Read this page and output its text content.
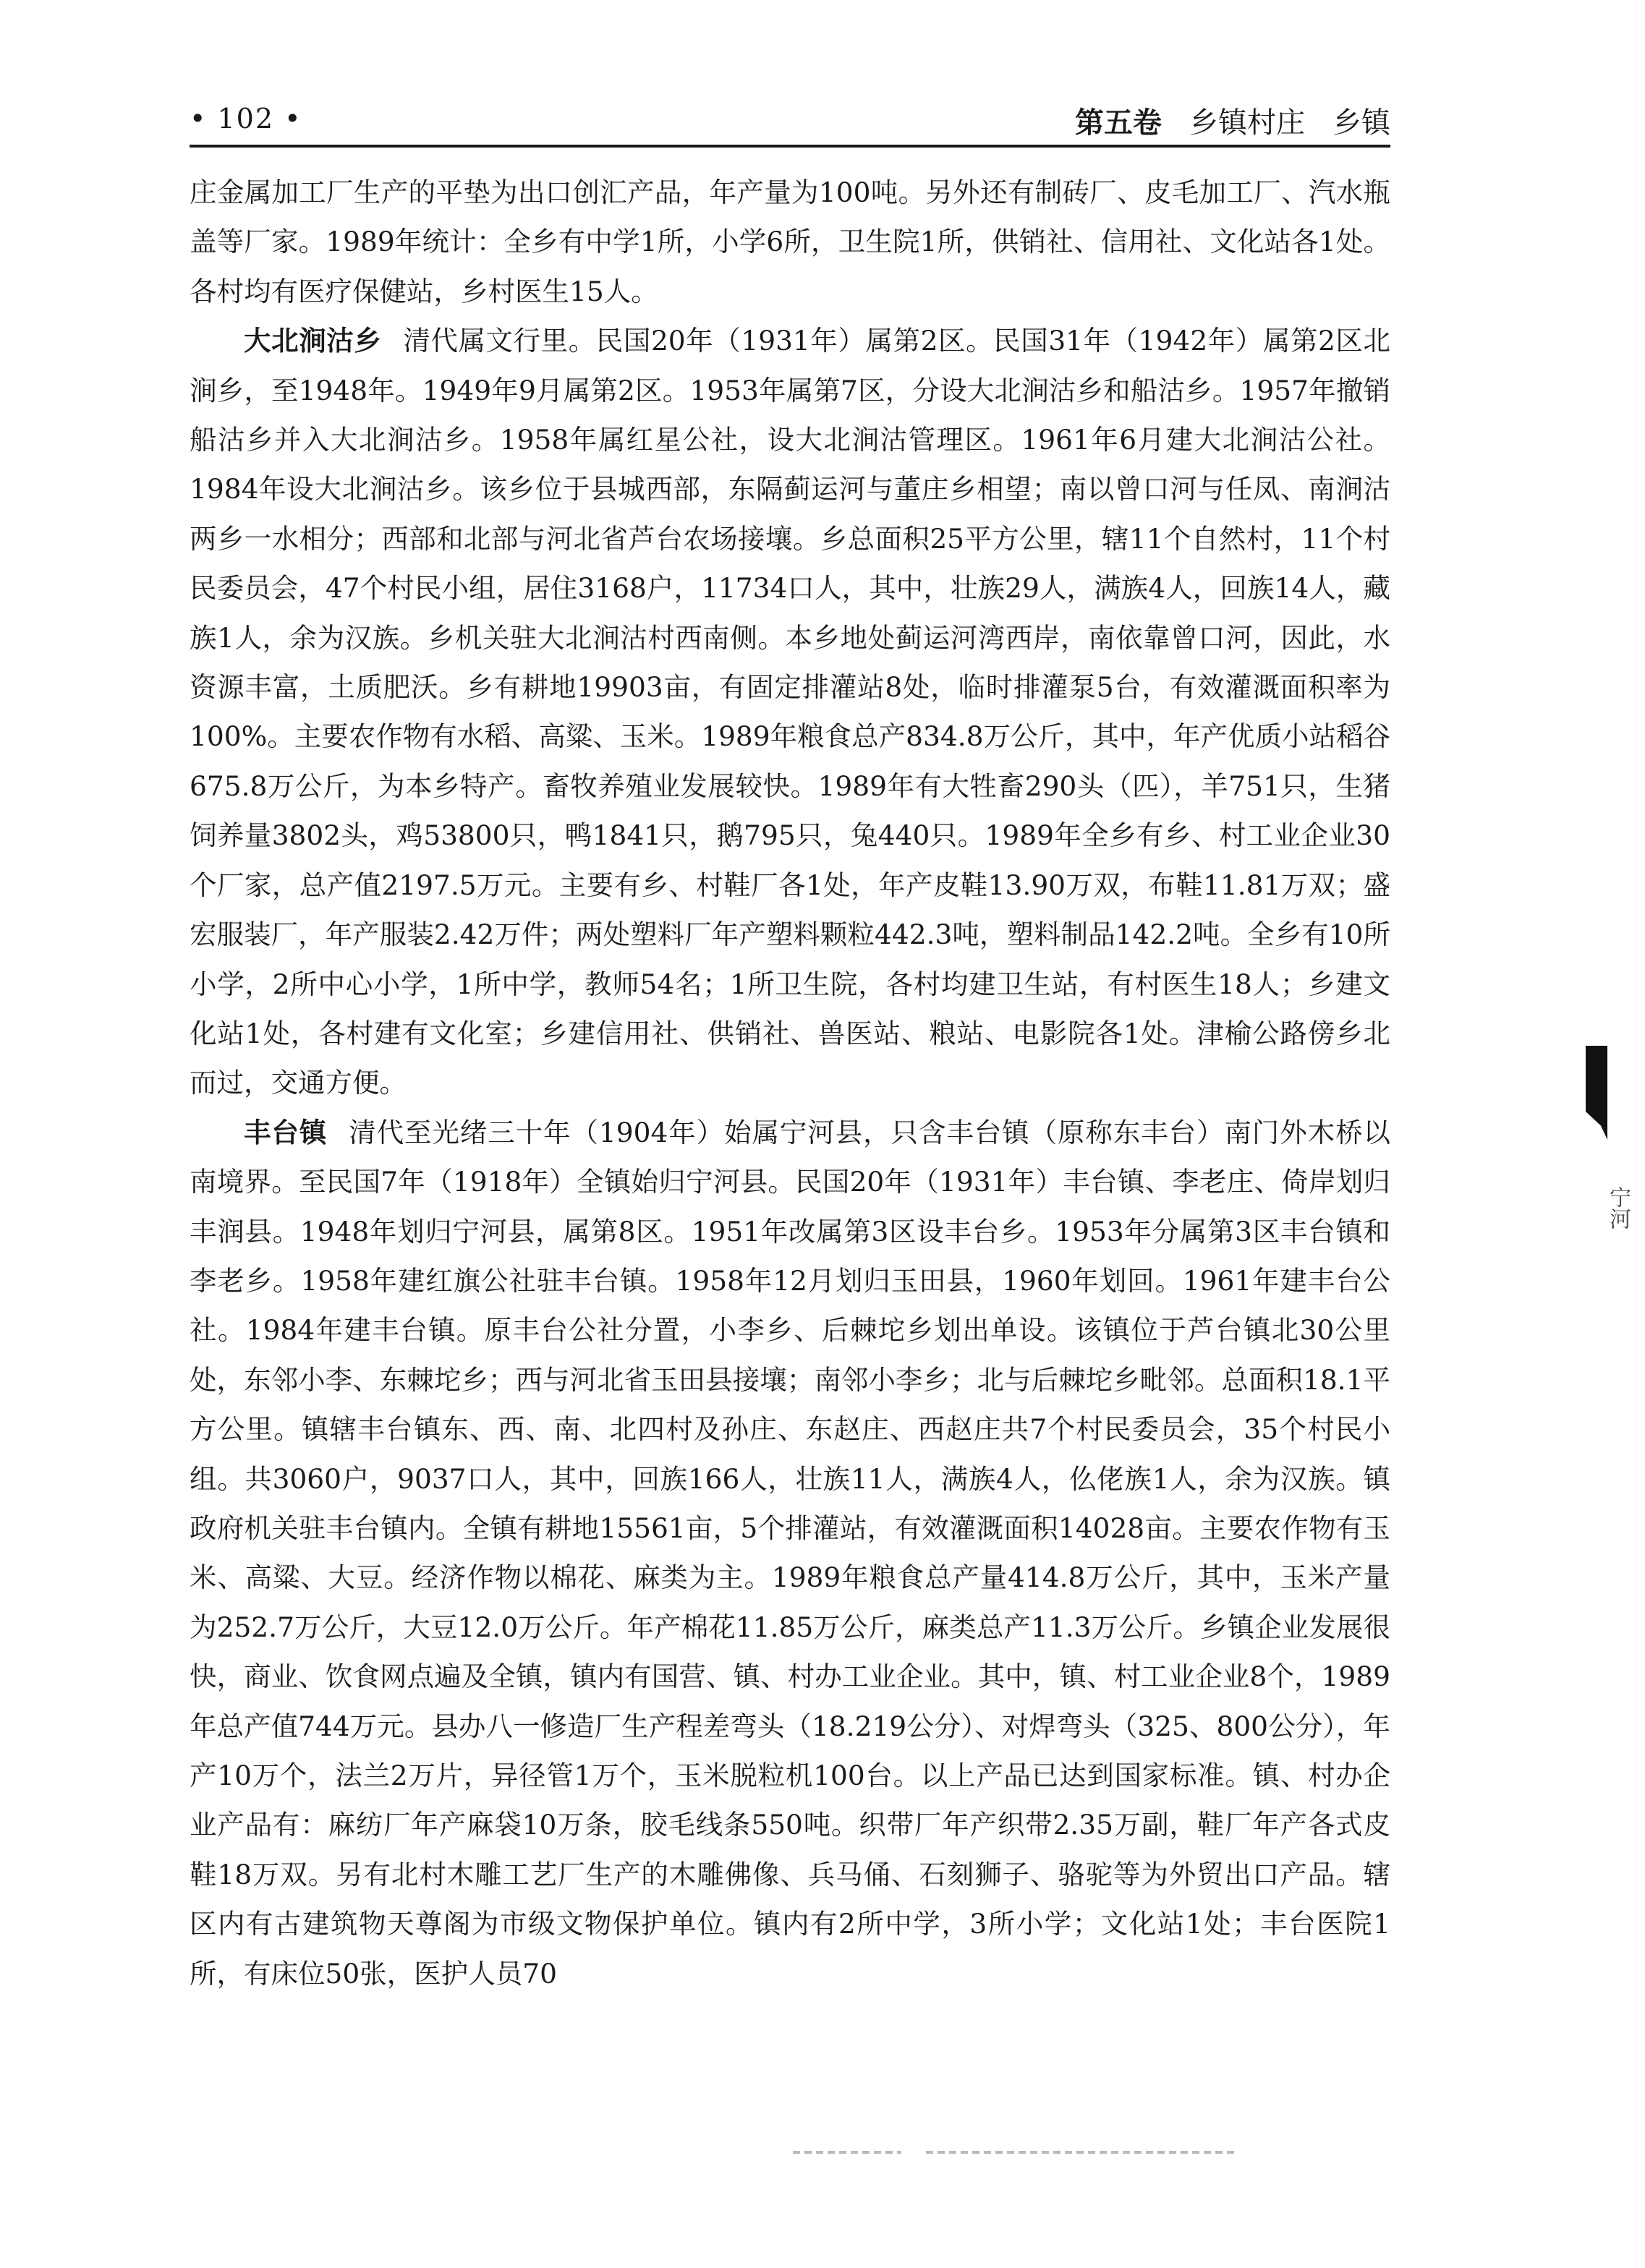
• 102 •	第五卷 乡镇村庄 乡镇

庄金属加工厂生产的平垫为出口创汇产品，年产量为100吨。另外还有制砖厂、皮毛加工厂、汽水瓶盖等厂家。1989年统计：全乡有中学1所，小学6所，卫生院1所，供销社、信用社、文化站各1处。各村均有医疗保健站，乡村医生15人。

大北涧沽乡 清代属文行里。民国20年（1931年）属第2区。民国31年（1942年）属第2区北涧乡，至1948年。1949年9月属第2区。1953年属第7区，分设大北涧沽乡和船沽乡。1957年撤销船沽乡并入大北涧沽乡。1958年属红星公社，设大北涧沽管理区。1961年6月建大北涧沽公社。1984年设大北涧沽乡。该乡位于县城西部，东隔蓟运河与董庄乡相望；南以曾口河与任凤、南涧沽两乡一水相分；西部和北部与河北省芦台农场接壤。乡总面积25平方公里，辖11个自然村，11个村民委员会，47个村民小组，居住3168户，11734口人，其中，壮族29人，满族4人，回族14人，藏族1人，余为汉族。乡机关驻大北涧沽村西南侧。本乡地处蓟运河湾西岸，南依靠曾口河，因此，水资源丰富，土质肥沃。乡有耕地19903亩，有固定排灌站8处，临时排灌泵5台，有效灌溉面积率为100%。主要农作物有水稻、高粱、玉米。1989年粮食总产834.8万公斤，其中，年产优质小站稻谷675.8万公斤，为本乡特产。畜牧养殖业发展较快。1989年有大牲畜290头（匹），羊751只，生猪饲养量3802头，鸡53800只，鸭1841只，鹅795只，兔440只。1989年全乡有乡、村工业企业30个厂家，总产值2197.5万元。主要有乡、村鞋厂各1处，年产皮鞋13.90万双，布鞋11.81万双；盛宏服装厂，年产服装2.42万件；两处塑料厂年产塑料颗粒442.3吨，塑料制品142.2吨。全乡有10所小学，2所中心小学，1所中学，教师54名；1所卫生院，各村均建卫生站，有村医生18人；乡建文化站1处，各村建有文化室；乡建信用社、供销社、兽医站、粮站、电影院各1处。津榆公路傍乡北而过，交通方便。

丰台镇 清代至光绪三十年（1904年）始属宁河县，只含丰台镇（原称东丰台）南门外木桥以南境界。至民国7年（1918年）全镇始归宁河县。民国20年（1931年）丰台镇、李老庄、倚岸划归丰润县。1948年划归宁河县，属第8区。1951年改属第3区设丰台乡。1953年分属第3区丰台镇和李老乡。1958年建红旗公社驻丰台镇。1958年12月划归玉田县，1960年划回。1961年建丰台公社。1984年建丰台镇。原丰台公社分置，小李乡、后棘坨乡划出单设。该镇位于芦台镇北30公里处，东邻小李、东棘坨乡；西与河北省玉田县接壤；南邻小李乡；北与后棘坨乡毗邻。总面积18.1平方公里。镇辖丰台镇东、西、南、北四村及孙庄、东赵庄、西赵庄共7个村民委员会，35个村民小组。共3060户，9037口人，其中，回族166人，壮族11人，满族4人，仫佬族1人，余为汉族。镇政府机关驻丰台镇内。全镇有耕地15561亩，5个排灌站，有效灌溉面积14028亩。主要农作物有玉米、高粱、大豆。经济作物以棉花、麻类为主。1989年粮食总产量414.8万公斤，其中，玉米产量为252.7万公斤，大豆12.0万公斤。年产棉花11.85万公斤，麻类总产11.3万公斤。乡镇企业发展很快，商业、饮食网点遍及全镇，镇内有国营、镇、村办工业企业。其中，镇、村工业企业8个，1989年总产值744万元。县办八一修造厂生产程差弯头（18.219公分）、对焊弯头（325、800公分），年产10万个，法兰2万片，异径管1万个，玉米脱粒机100台。以上产品已达到国家标准。镇、村办企业产品有：麻纺厂年产麻袋10万条，胶毛线条550吨。织带厂年产织带2.35万副，鞋厂年产各式皮鞋18万双。另有北村木雕工艺厂生产的木雕佛像、兵马俑、石刻狮子、骆驼等为外贸出口产品。辖区内有古建筑物天尊阁为市级文物保护单位。镇内有2所中学，3所小学；文化站1处；丰台医院1所，有床位50张，医护人员70

宁河
